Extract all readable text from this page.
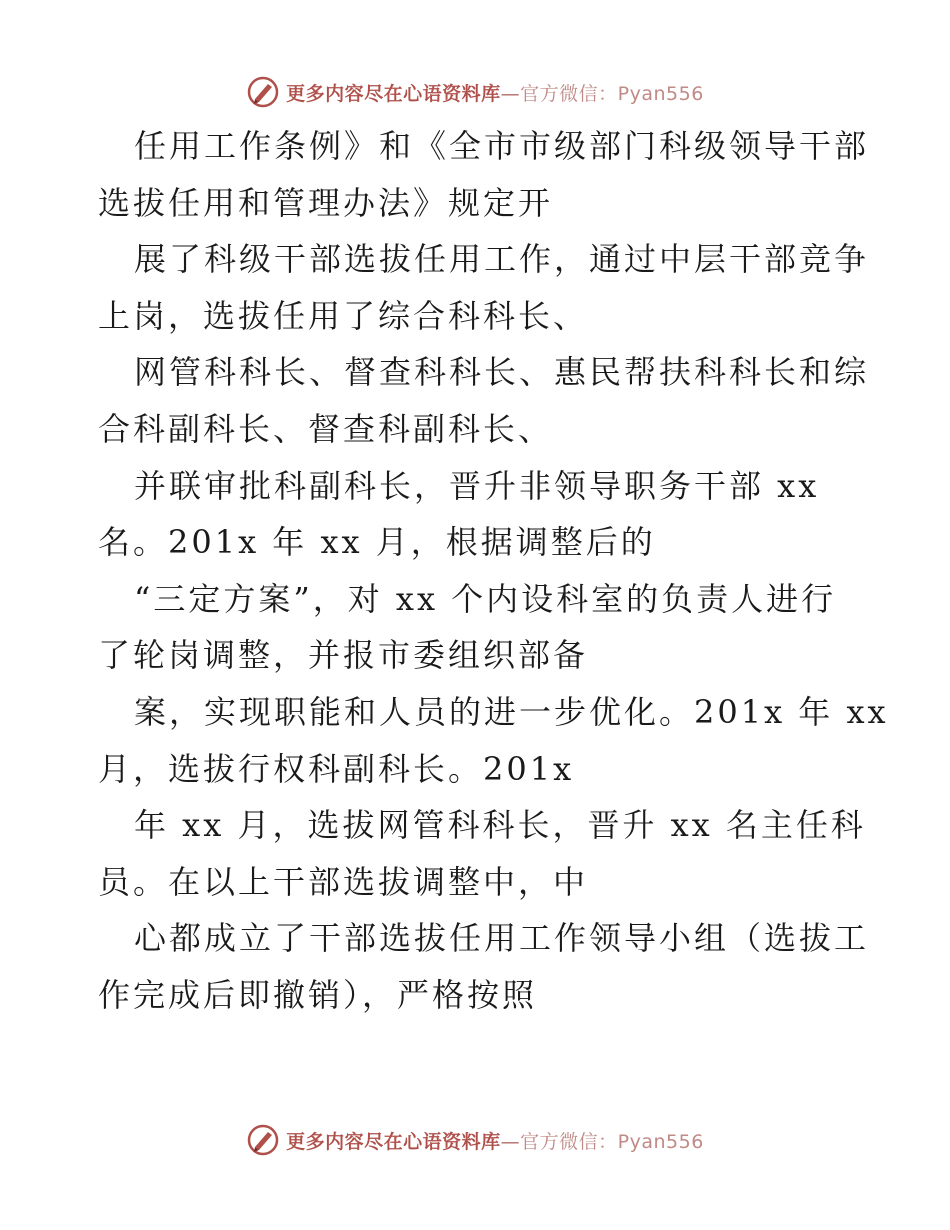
更多内容尽在心语资料库—官方微信：Pyan556
任用工作条例》和《全市市级部门科级领导干部
选拔任用和管理办法》规定开
展了科级干部选拔任用工作，通过中层干部竞争
上岗，选拔任用了综合科科长、
网管科科长、督查科科长、惠民帮扶科科长和综
合科副科长、督查科副科长、
并联审批科副科长，晋升非领导职务干部 xx
名。201x 年 xx 月，根据调整后的
“三定方案”，对 xx 个内设科室的负责人进行
了轮岗调整，并报市委组织部备
案，实现职能和人员的进一步优化。201x 年 xx
月，选拔行权科副科长。201x
年 xx 月，选拔网管科科长，晋升 xx 名主任科
员。在以上干部选拔调整中，中
心都成立了干部选拔任用工作领导小组（选拔工
作完成后即撤销），严格按照
更多内容尽在心语资料库—官方微信：Pyan556
